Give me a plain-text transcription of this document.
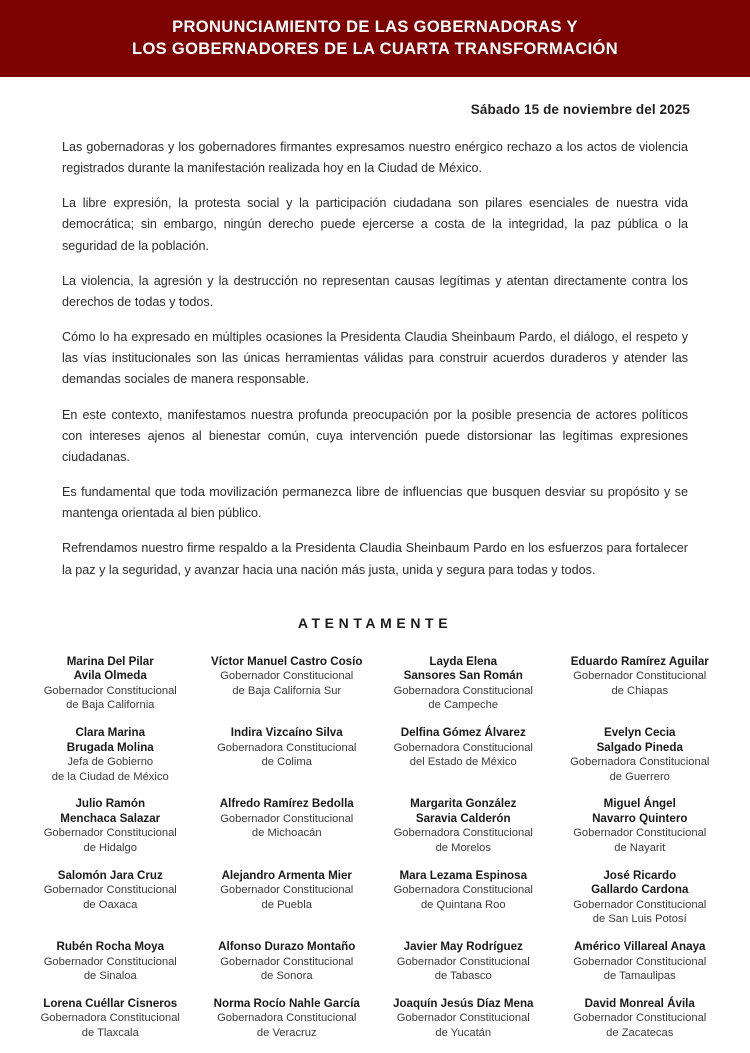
PRONUNCIAMIENTO DE LAS GOBERNADORAS Y
LOS GOBERNADORES DE LA CUARTA TRANSFORMACIÓN
Sábado 15 de noviembre del 2025

Las gobernadoras y los gobernadores firmantes expresamos nuestro enérgico rechazo a los actos de violencia registrados durante la manifestación realizada hoy en la Ciudad de México.

La libre expresión, la protesta social y la participación ciudadana son pilares esenciales de nuestra vida democrática; sin embargo, ningún derecho puede ejercerse a costa de la integridad, la paz pública o la seguridad de la población.

La violencia, la agresión y la destrucción no representan causas legítimas y atentan directamente contra los derechos de todas y todos.

Cómo lo ha expresado en múltiples ocasiones la Presidenta Claudia Sheinbaum Pardo, el diálogo, el respeto y las vías institucionales son las únicas herramientas válidas para construir acuerdos duraderos y atender las demandas sociales de manera responsable.

En este contexto, manifestamos nuestra profunda preocupación por la posible presencia de actores políticos con intereses ajenos al bienestar común, cuya intervención puede distorsionar las legítimas expresiones ciudadanas.

Es fundamental que toda movilización permanezca libre de influencias que busquen desviar su propósito y se mantenga orientada al bien público.

Refrendamos nuestro firme respaldo a la Presidenta Claudia Sheinbaum Pardo en los esfuerzos para fortalecer la paz y la seguridad, y avanzar hacia una nación más justa, unida y segura para todas y todos.

ATENTAMENTE
Marina Del Pilar
Avila Olmeda
Gobernador Constitucional
de Baja California
Víctor Manuel Castro Cosío
Gobernador Constitucional
de Baja California Sur
Layda Elena
Sansores San Román
Gobernadora Constitucional
de Campeche
Eduardo Ramírez Aguilar
Gobernador Constitucional
de Chiapas
Clara Marina
Brugada Molina
Jefa de Gobierno
de la Ciudad de México
Indira Vizcaíno Silva
Gobernadora Constitucional
de Colima
Delfina Gómez Álvarez
Gobernadora Constitucional
del Estado de México
Evelyn Cecia
Salgado Pineda
Gobernadora Constitucional
de Guerrero
Julio Ramón
Menchaca Salazar
Gobernador Constitucional
de Hidalgo
Alfredo Ramírez Bedolla
Gobernador Constitucional
de Michoacán
Margarita González
Saravia Calderón
Gobernadora Constitucional
de Morelos
Miguel Ángel
Navarro Quintero
Gobernador Constitucional
de Nayarit
Salomón Jara Cruz
Gobernador Constitucional
de Oaxaca
Alejandro Armenta Mier
Gobernador Constitucional
de Puebla
Mara Lezama Espinosa
Gobernadora Constitucional
de Quintana Roo
José Ricardo
Gallardo Cardona
Gobernador Constitucional
de San Luis Potosí
Rubén Rocha Moya
Gobernador Constitucional
de Sinaloa
Alfonso Durazo Montaño
Gobernador Constitucional
de Sonora
Javier May Rodríguez
Gobernador Constitucional
de Tabasco
Américo Villareal Anaya
Gobernador Constitucional
de Tamaulipas
Lorena Cuéllar Cisneros
Gobernadora Constitucional
de Tlaxcala
Norma Rocío Nahle García
Gobernadora Constitucional
de Veracruz
Joaquín Jesús Díaz Mena
Gobernador Constitucional
de Yucatán
David Monreal Ávila
Gobernador Constitucional
de Zacatecas
